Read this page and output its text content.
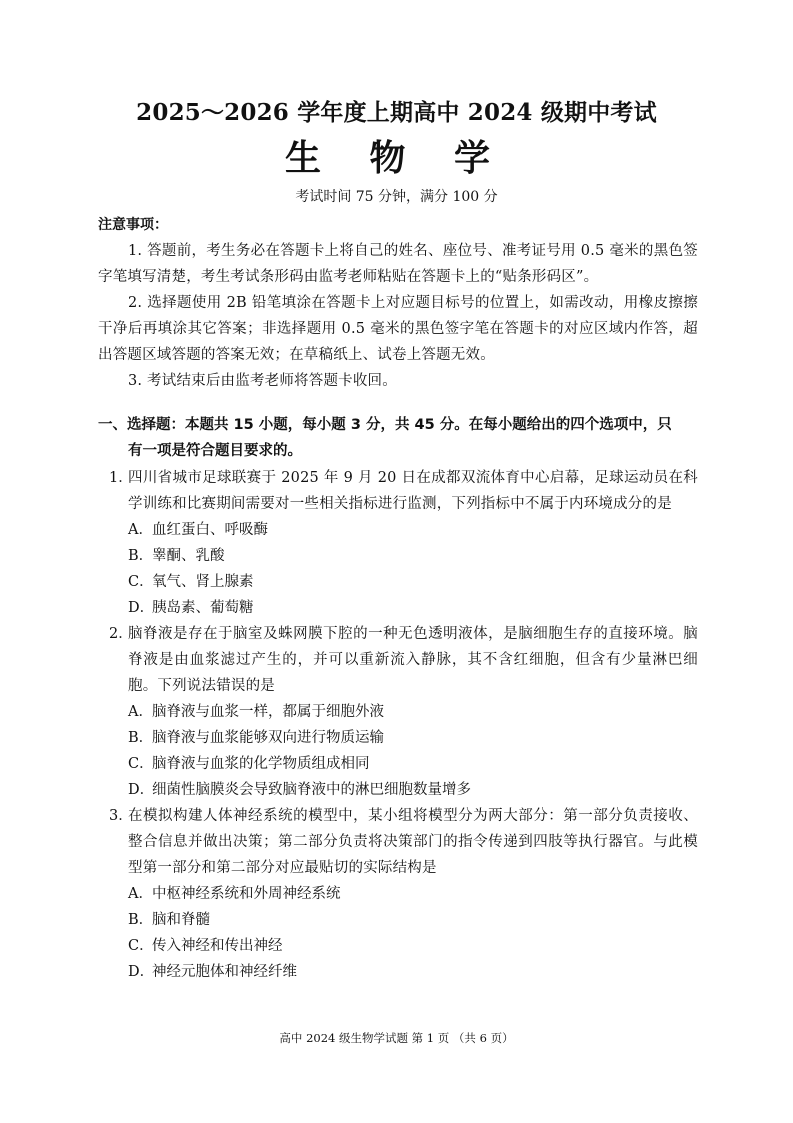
2025～2026 学年度上期高中 2024 级期中考试
生 物 学
考试时间 75 分钟，满分 100 分
注意事项：
1. 答题前，考生务必在答题卡上将自己的姓名、座位号、准考证号用 0.5 毫米的黑色签字笔填写清楚，考生考试条形码由监考老师粘贴在答题卡上的“贴条形码区”。
2. 选择题使用 2B 铅笔填涂在答题卡上对应题目标号的位置上，如需改动，用橡皮擦擦干净后再填涂其它答案；非选择题用 0.5 毫米的黑色签字笔在答题卡的对应区域内作答，超出答题区域答题的答案无效；在草稿纸上、试卷上答题无效。
3. 考试结束后由监考老师将答题卡收回。
一、选择题：本题共 15 小题，每小题 3 分，共 45 分。在每小题给出的四个选项中，只
有一项是符合题目要求的。
1．
四川省城市足球联赛于 2025 年 9 月 20 日在成都双流体育中心启幕，足球运动员在科学训练和比赛期间需要对一些相关指标进行监测，下列指标中不属于内环境成分的是
A．血红蛋白、呼吸酶
B．睾酮、乳酸
C．氧气、肾上腺素
D．胰岛素、葡萄糖
2．
脑脊液是存在于脑室及蛛网膜下腔的一种无色透明液体，是脑细胞生存的直接环境。脑脊液是由血浆滤过产生的，并可以重新流入静脉，其不含红细胞，但含有少量淋巴细胞。下列说法错误的是
A．脑脊液与血浆一样，都属于细胞外液
B．脑脊液与血浆能够双向进行物质运输
C．脑脊液与血浆的化学物质组成相同
D．细菌性脑膜炎会导致脑脊液中的淋巴细胞数量增多
3．
在模拟构建人体神经系统的模型中，某小组将模型分为两大部分：第一部分负责接收、整合信息并做出决策；第二部分负责将决策部门的指令传递到四肢等执行器官。与此模型第一部分和第二部分对应最贴切的实际结构是
A．中枢神经系统和外周神经系统
B．脑和脊髓
C．传入神经和传出神经
D．神经元胞体和神经纤维
高中 2024 级生物学试题 第 1 页 （共 6 页）
